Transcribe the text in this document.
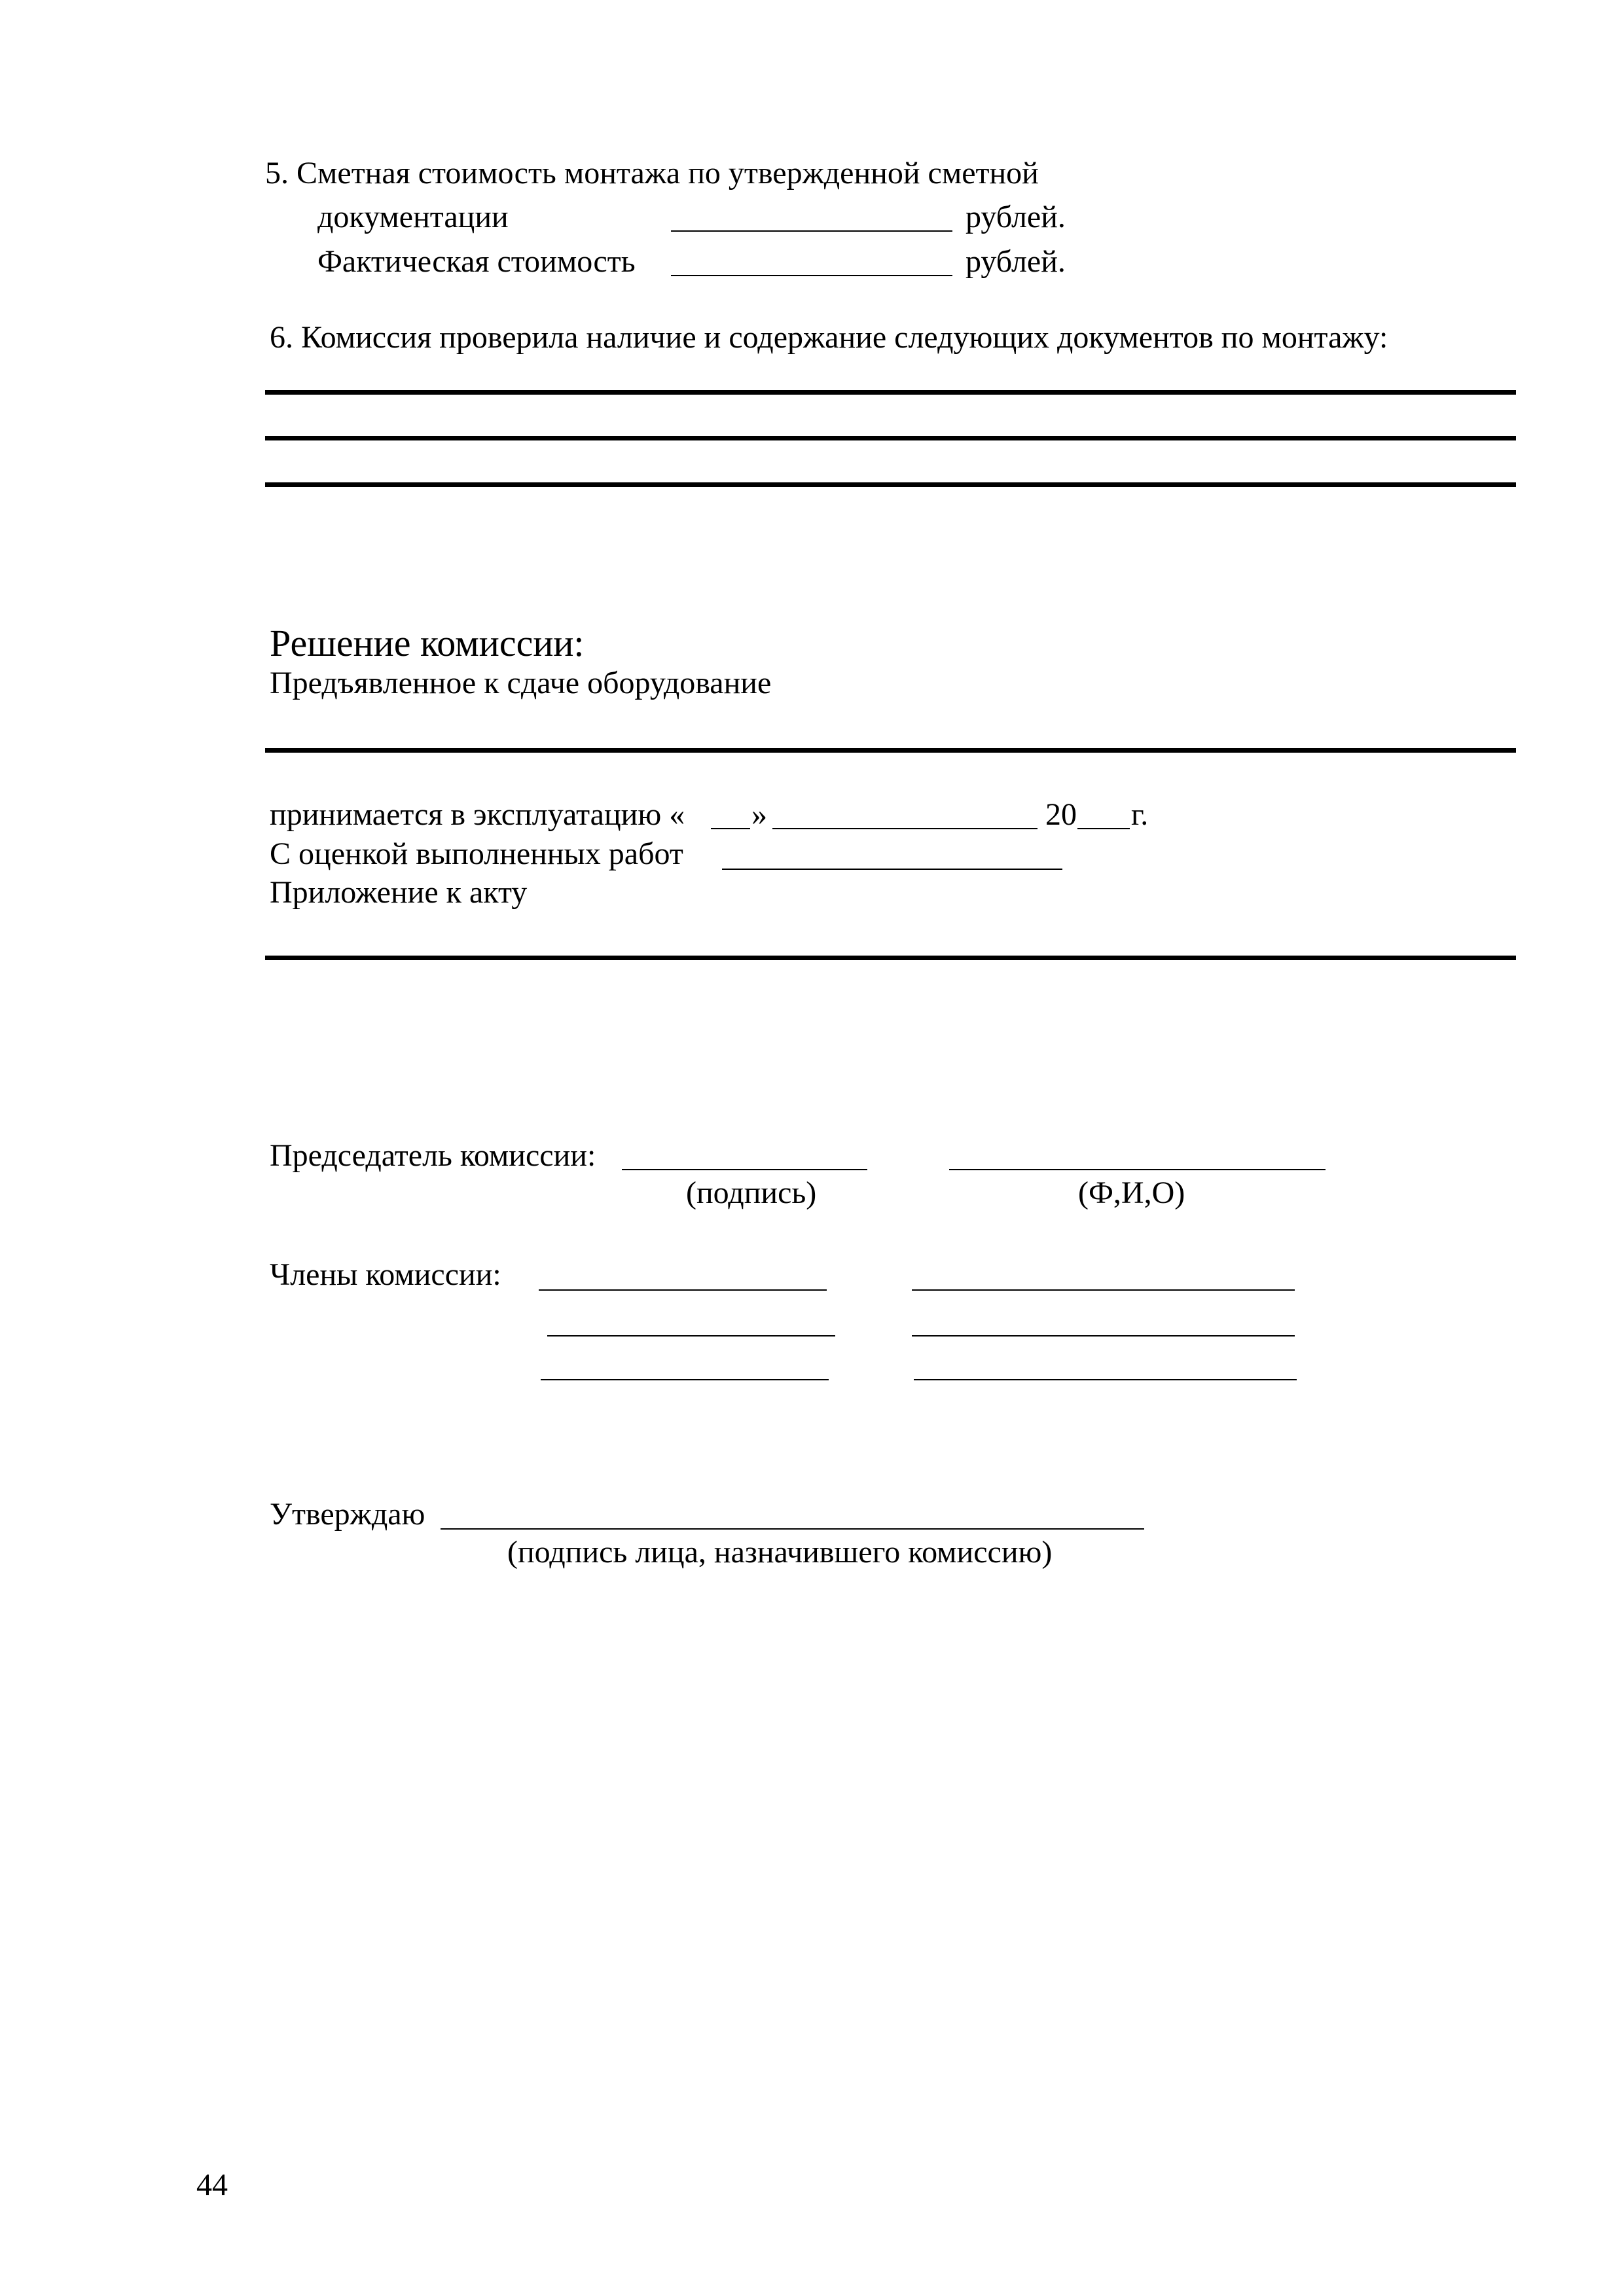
5. Сметная стоимость монтажа по утвержденной сметной
документации	рублей.
Фактическая стоимость	рублей.
6. Комиссия проверила наличие и содержание следующих документов по монтажу:
Решение комиссии:
Предъявленное к сдаче оборудование
принимается в эксплуатацию « »	20 г.
С оценкой выполненных работ
Приложение к акту
Председатель комиссии:
(подпись)	(Ф,И,О)
Члены комиссии:
Утверждаю
(подпись лица, назначившего комиссию)
44
